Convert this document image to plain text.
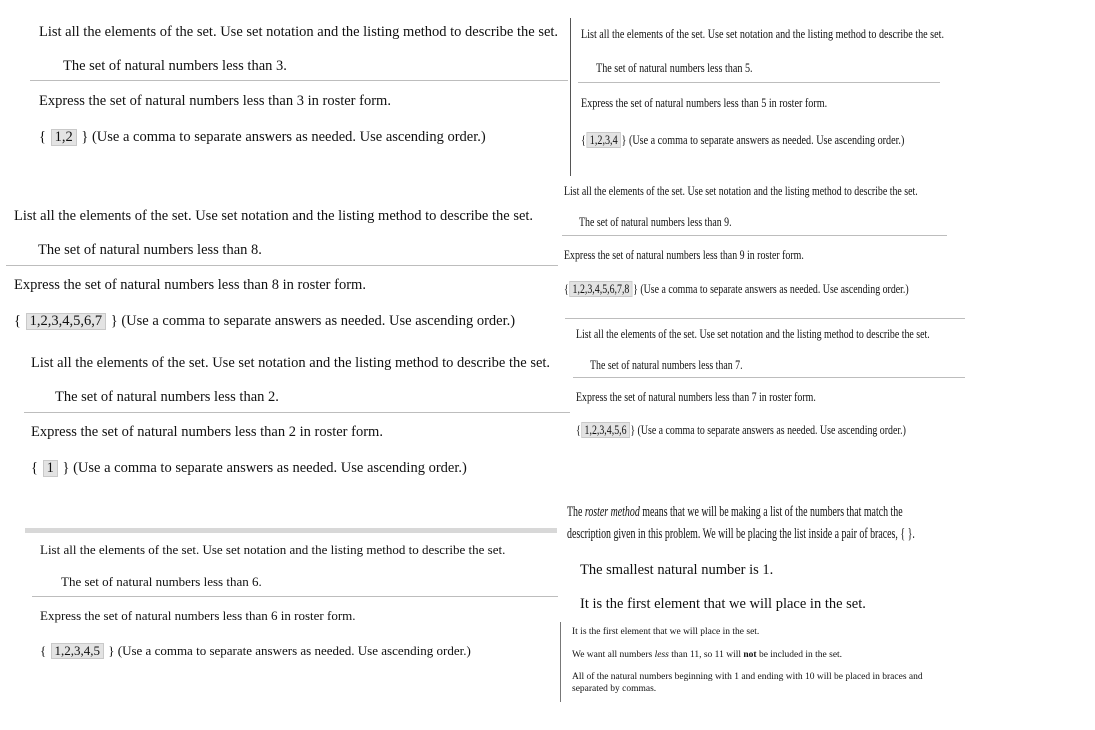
List all the elements of the set. Use set notation and the listing method to describe the set.
The set of natural numbers less than 3.
Express the set of natural numbers less than 3 in roster form.
{ 1,2 } (Use a comma to separate answers as needed. Use ascending order.)
List all the elements of the set. Use set notation and the listing method to describe the set.
The set of natural numbers less than 5.
Express the set of natural numbers less than 5 in roster form.
{ 1,2,3,4 } (Use a comma to separate answers as needed. Use ascending order.)
List all the elements of the set. Use set notation and the listing method to describe the set.
The set of natural numbers less than 9.
Express the set of natural numbers less than 9 in roster form.
{ 1,2,3,4,5,6,7,8 } (Use a comma to separate answers as needed. Use ascending order.)
List all the elements of the set. Use set notation and the listing method to describe the set.
The set of natural numbers less than 8.
Express the set of natural numbers less than 8 in roster form.
{ 1,2,3,4,5,6,7 } (Use a comma to separate answers as needed. Use ascending order.)
List all the elements of the set. Use set notation and the listing method to describe the set.
The set of natural numbers less than 7.
Express the set of natural numbers less than 7 in roster form.
{ 1,2,3,4,5,6 } (Use a comma to separate answers as needed. Use ascending order.)
List all the elements of the set. Use set notation and the listing method to describe the set.
The set of natural numbers less than 2.
Express the set of natural numbers less than 2 in roster form.
{ 1 } (Use a comma to separate answers as needed. Use ascending order.)
List all the elements of the set. Use set notation and the listing method to describe the set.
The set of natural numbers less than 6.
Express the set of natural numbers less than 6 in roster form.
{ 1,2,3,4,5 } (Use a comma to separate answers as needed. Use ascending order.)
The roster method means that we will be making a list of the numbers that match the
description given in this problem. We will be placing the list inside a pair of braces, { }.
The smallest natural number is 1.
It is the first element that we will place in the set.
It is the first element that we will place in the set.
We want all numbers less than 11, so 11 will not be included in the set.
All of the natural numbers beginning with 1 and ending with 10 will be placed in braces and
separated by commas.
